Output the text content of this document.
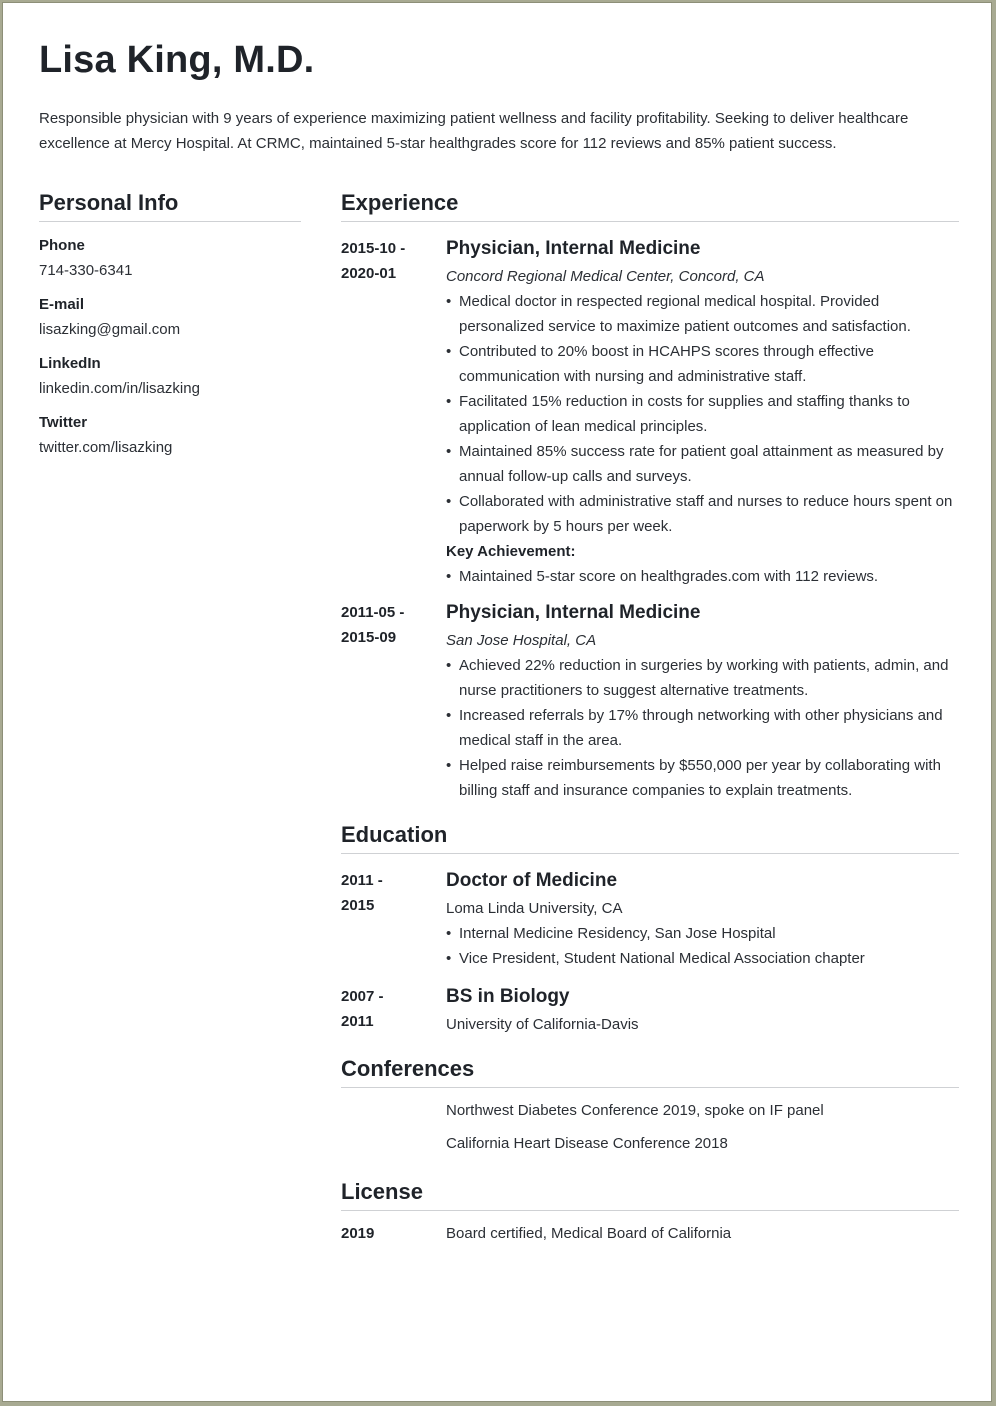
Lisa King, M.D.

Responsible physician with 9 years of experience maximizing patient wellness and facility profitability. Seeking to deliver healthcare excellence at Mercy Hospital. At CRMC, maintained 5-star healthgrades score for 112 reviews and 85% patient success.

Personal Info
Phone
714-330-6341
E-mail
lisazking@gmail.com
LinkedIn
linkedin.com/in/lisazking
Twitter
twitter.com/lisazking
Experience
2015-10 -
2020-01
Physician, Internal Medicine
Concord Regional Medical Center, Concord, CA
• Medical doctor in respected regional medical hospital. Provided personalized service to maximize patient outcomes and satisfaction.
• Contributed to 20% boost in HCAHPS scores through effective communication with nursing and administrative staff.
• Facilitated 15% reduction in costs for supplies and staffing thanks to application of lean medical principles.
• Maintained 85% success rate for patient goal attainment as measured by annual follow-up calls and surveys.
• Collaborated with administrative staff and nurses to reduce hours spent on paperwork by 5 hours per week.
Key Achievement:
• Maintained 5-star score on healthgrades.com with 112 reviews.
2011-05 -
2015-09
Physician, Internal Medicine
San Jose Hospital, CA
• Achieved 22% reduction in surgeries by working with patients, admin, and nurse practitioners to suggest alternative treatments.
• Increased referrals by 17% through networking with other physicians and medical staff in the area.
• Helped raise reimbursements by $550,000 per year by collaborating with billing staff and insurance companies to explain treatments.
Education
2011 -
2015
Doctor of Medicine
Loma Linda University, CA
• Internal Medicine Residency, San Jose Hospital
• Vice President, Student National Medical Association chapter
2007 -
2011
BS in Biology
University of California-Davis
Conferences
Northwest Diabetes Conference 2019, spoke on IF panel
California Heart Disease Conference 2018
License
2019	Board certified, Medical Board of California
